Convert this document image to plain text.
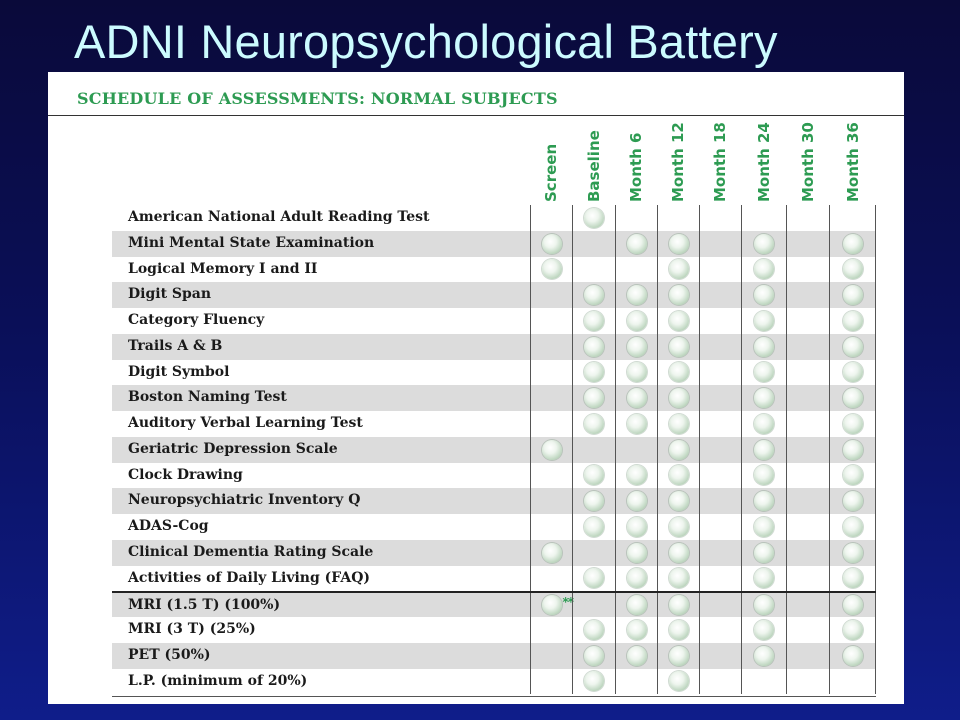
ADNI Neuropsychological Battery
SCHEDULE OF ASSESSMENTS: NORMAL SUBJECTS
Screen Baseline Month 6 Month 12 Month 18 Month 24 Month 30 Month 36
American National Adult Reading Test
Mini Mental State Examination
Logical Memory I and II
Digit Span
Category Fluency
Trails A & B
Digit Symbol
Boston Naming Test
Auditory Verbal Learning Test
Geriatric Depression Scale
Clock Drawing
Neuropsychiatric Inventory Q
ADAS-Cog
Clinical Dementia Rating Scale
Activities of Daily Living (FAQ)
MRI (1.5 T) (100%)	**
MRI (3 T) (25%)
PET (50%)
L.P. (minimum of 20%)
